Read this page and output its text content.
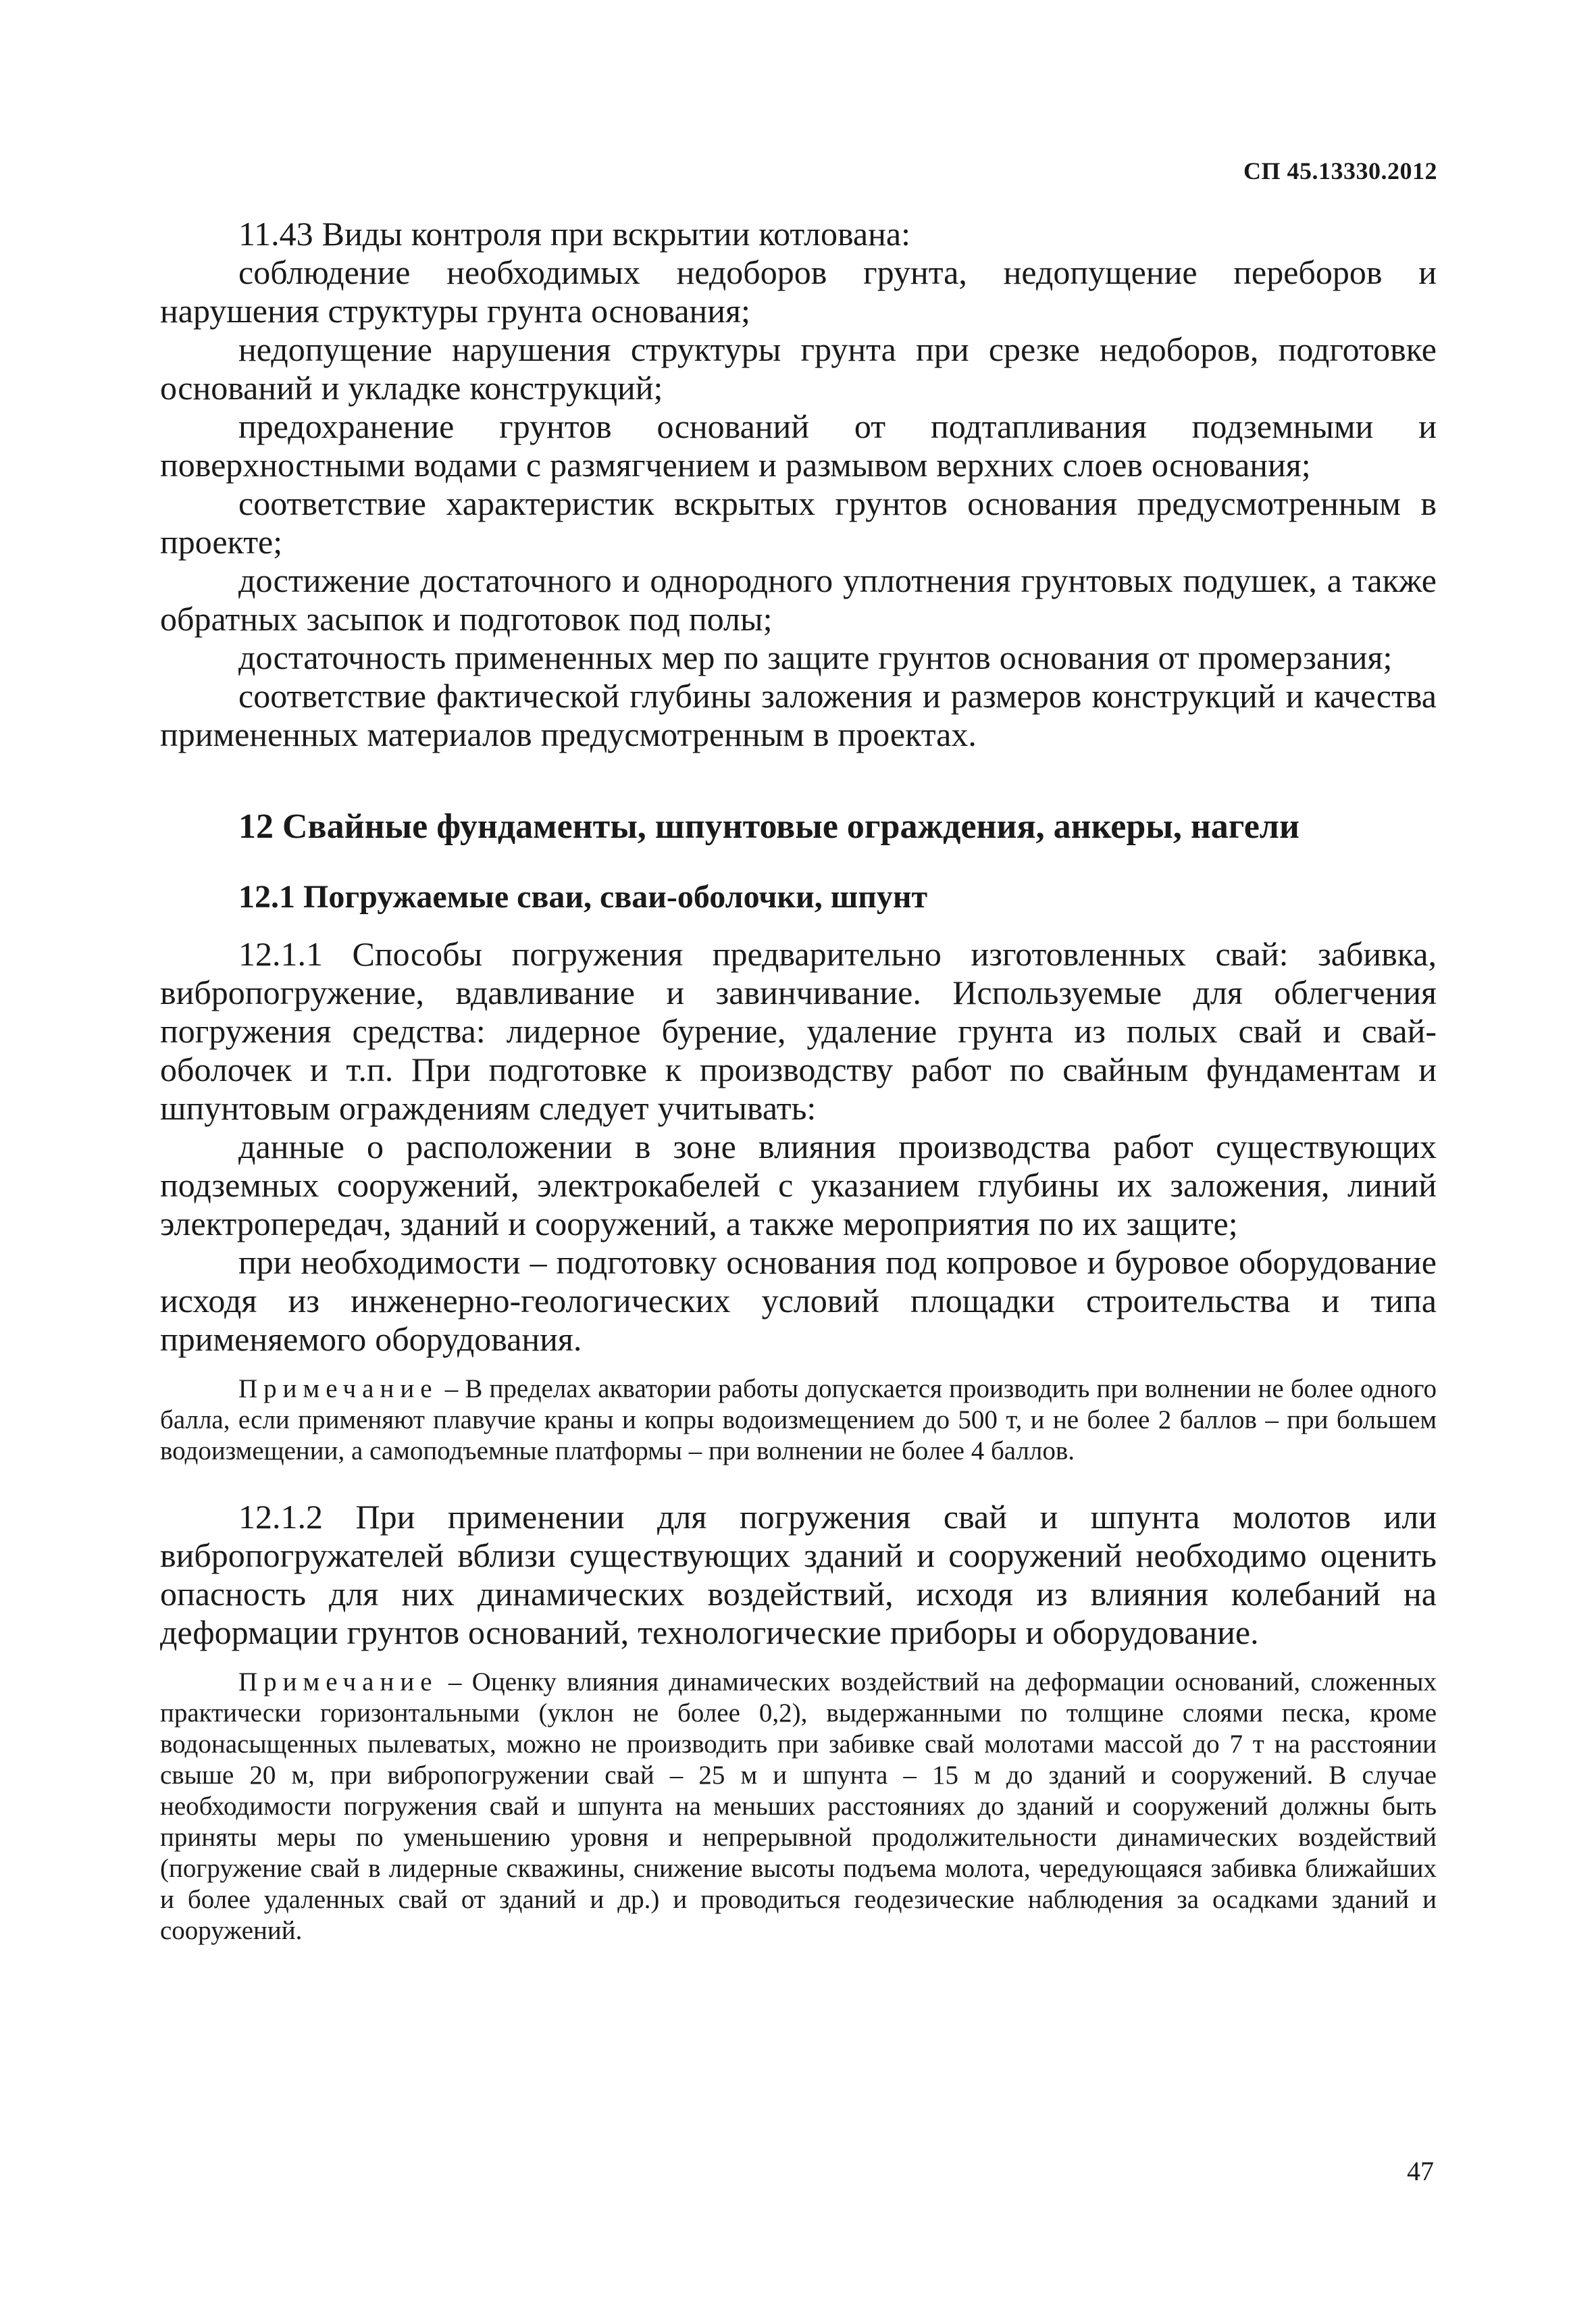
СП 45.13330.2012

11.43 Виды контроля при вскрытии котлована:

соблюдение необходимых недоборов грунта, недопущение переборов и нарушения структуры грунта основания;

недопущение нарушения структуры грунта при срезке недоборов, подготовке оснований и укладке конструкций;

предохранение грунтов оснований от подтапливания подземными и поверхностными водами с размягчением и размывом верхних слоев основания;

соответствие характеристик вскрытых грунтов основания предусмотренным в проекте;

достижение достаточного и однородного уплотнения грунтовых подушек, а также обратных засыпок и подготовок под полы;

достаточность примененных мер по защите грунтов основания от промерзания;

соответствие фактической глубины заложения и размеров конструкций и качества примененных материалов предусмотренным в проектах.

12 Свайные фундаменты, шпунтовые ограждения, анкеры, нагели
12.1 Погружаемые сваи, сваи-оболочки, шпунт

12.1.1 Способы погружения предварительно изготовленных свай: забивка, вибропогружение, вдавливание и завинчивание. Используемые для облегчения погружения средства: лидерное бурение, удаление грунта из полых свай и свай-оболочек и т.п. При подготовке к производству работ по свайным фундаментам и шпунтовым ограждениям следует учитывать:

данные о расположении в зоне влияния производства работ существующих подземных сооружений, электрокабелей с указанием глубины их заложения, линий электропередач, зданий и сооружений, а также мероприятия по их защите;

при необходимости – подготовку основания под копровое и буровое оборудование исходя из инженерно-геологических условий площадки строительства и типа применяемого оборудования.

Примечание – В пределах акватории работы допускается производить при волнении не более одного балла, если применяют плавучие краны и копры водоизмещением до 500 т, и не более 2 баллов – при большем водоизмещении, а самоподъемные платформы – при волнении не более 4 баллов.

12.1.2 При применении для погружения свай и шпунта молотов или вибропогружателей вблизи существующих зданий и сооружений необходимо оценить опасность для них динамических воздействий, исходя из влияния колебаний на деформации грунтов оснований, технологические приборы и оборудование.

Примечание – Оценку влияния динамических воздействий на деформации оснований, сложенных практически горизонтальными (уклон не более 0,2), выдержанными по толщине слоями песка, кроме водонасыщенных пылеватых, можно не производить при забивке свай молотами массой до 7 т на расстоянии свыше 20 м, при вибропогружении свай – 25 м и шпунта – 15 м до зданий и сооружений. В случае необходимости погружения свай и шпунта на меньших расстояниях до зданий и сооружений должны быть приняты меры по уменьшению уровня и непрерывной продолжительности динамических воздействий (погружение свай в лидерные скважины, снижение высоты подъема молота, чередующаяся забивка ближайших и более удаленных свай от зданий и др.) и проводиться геодезические наблюдения за осадками зданий и сооружений.

47
